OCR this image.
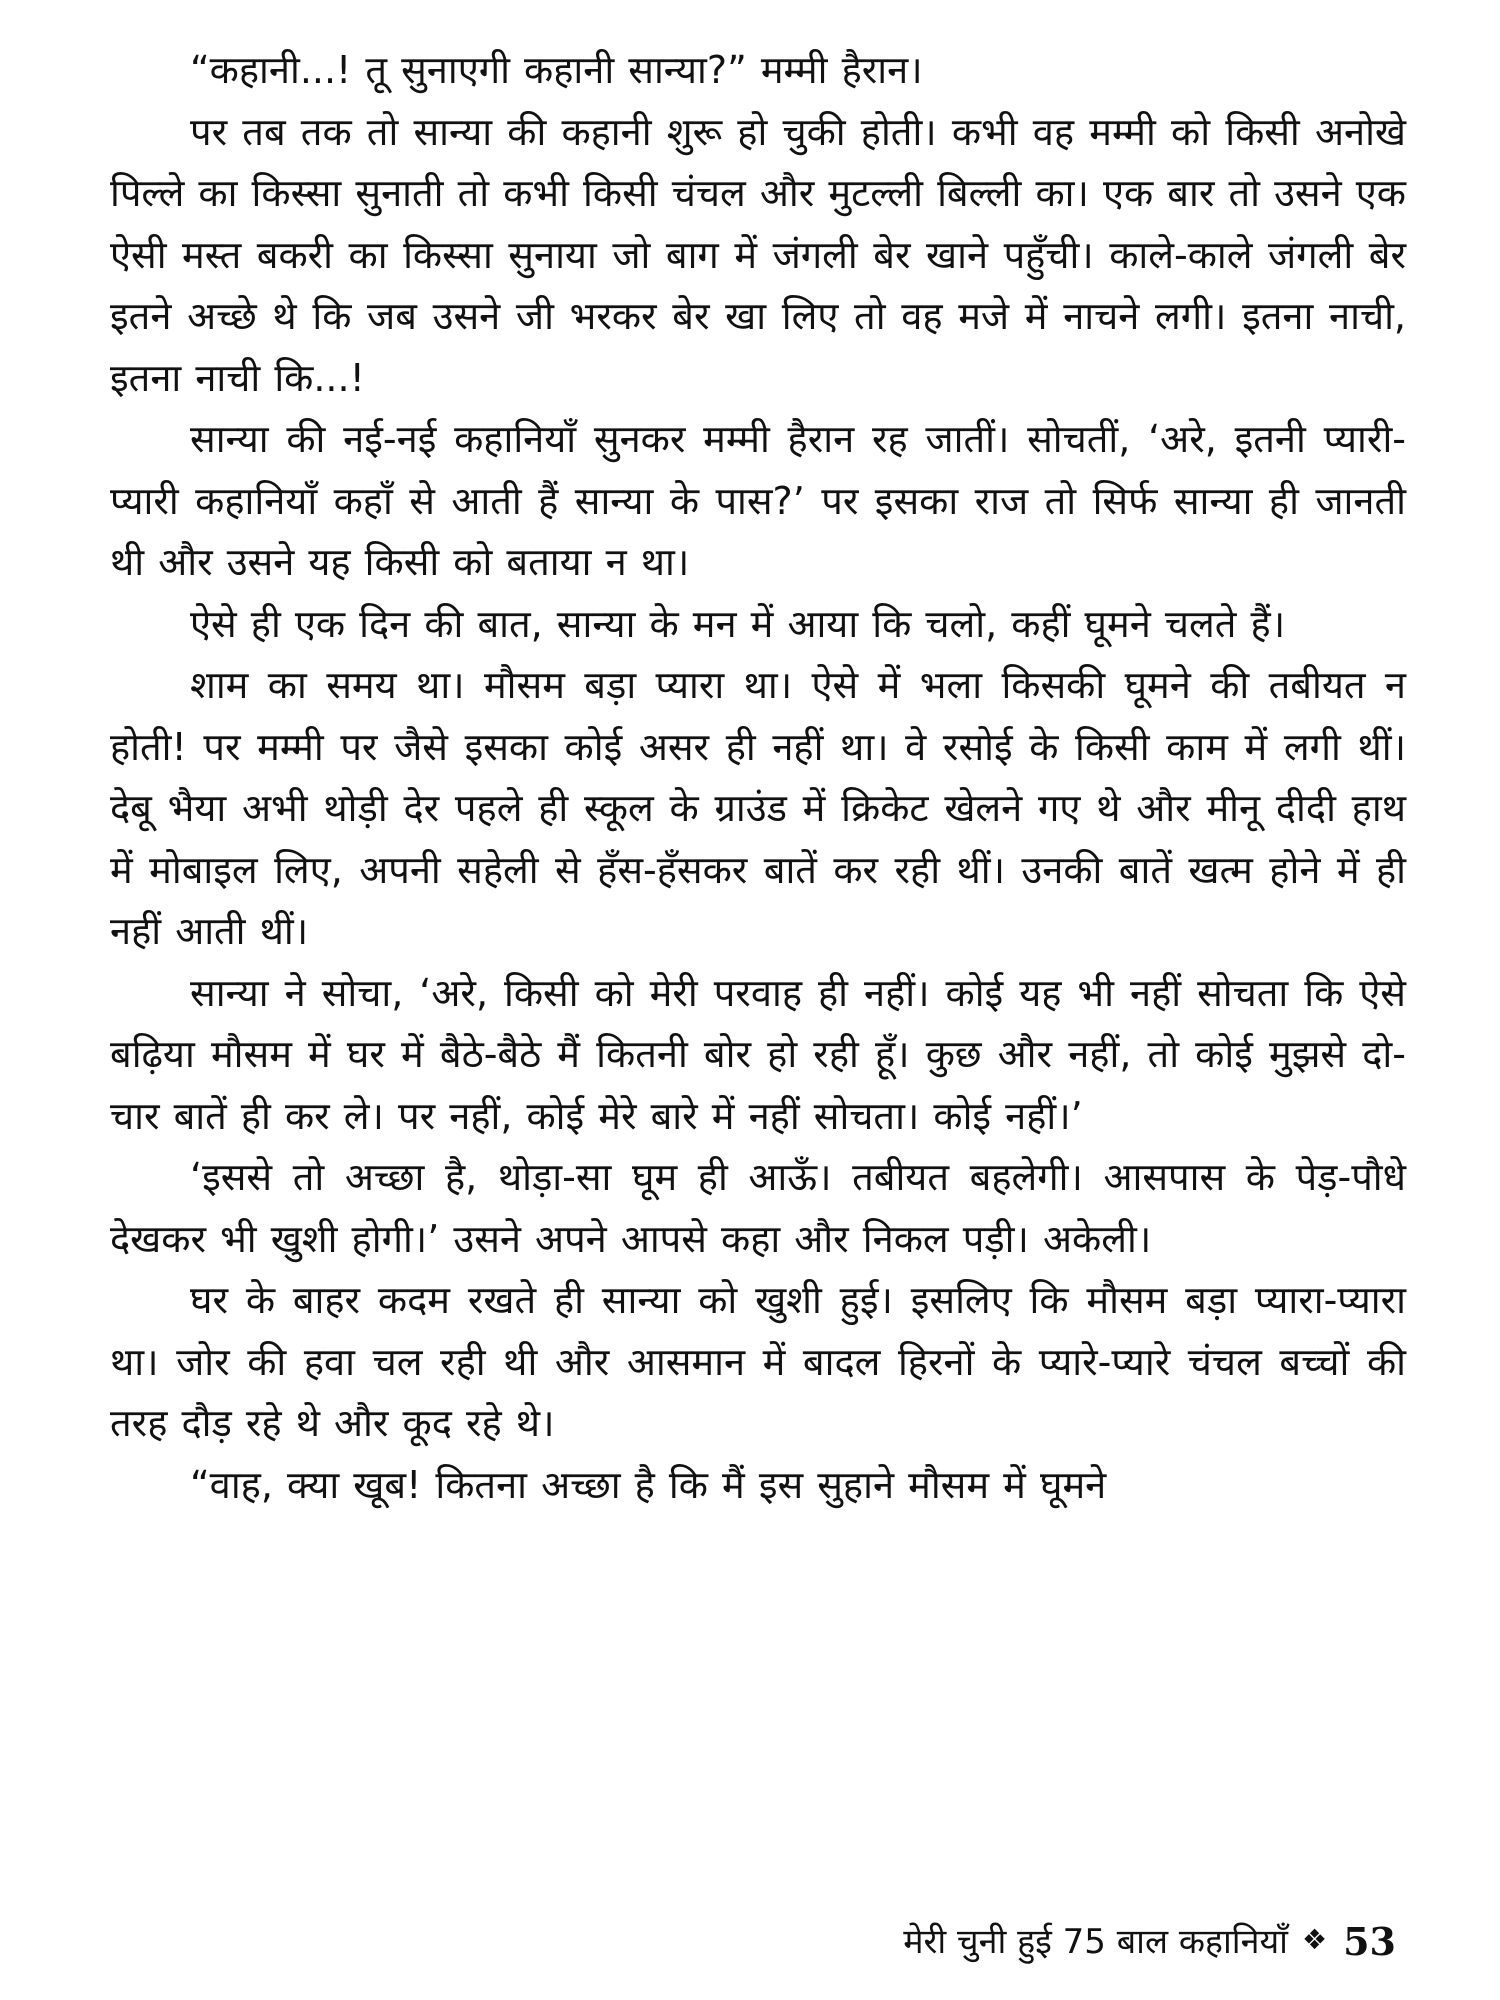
“कहानी...! तू सुनाएगी कहानी सान्या?” मम्मी हैरान।

पर तब तक तो सान्या की कहानी शुरू हो चुकी होती। कभी वह मम्मी को किसी अनोखे पिल्ले का किस्सा सुनाती तो कभी किसी चंचल और मुटल्ली बिल्ली का। एक बार तो उसने एक ऐसी मस्त बकरी का किस्सा सुनाया जो बाग में जंगली बेर खाने पहुँची। काले-काले जंगली बेर इतने अच्छे थे कि जब उसने जी भरकर बेर खा लिए तो वह मजे में नाचने लगी। इतना नाची, इतना नाची कि...!

सान्या की नई-नई कहानियाँ सुनकर मम्मी हैरान रह जातीं। सोचतीं, ‘अरे, इतनी प्यारी-प्यारी कहानियाँ कहाँ से आती हैं सान्या के पास?’ पर इसका राज तो सिर्फ सान्या ही जानती थी और उसने यह किसी को बताया न था।

ऐसे ही एक दिन की बात, सान्या के मन में आया कि चलो, कहीं घूमने चलते हैं।

शाम का समय था। मौसम बड़ा प्यारा था। ऐसे में भला किसकी घूमने की तबीयत न होती! पर मम्मी पर जैसे इसका कोई असर ही नहीं था। वे रसोई के किसी काम में लगी थीं। देबू भैया अभी थोड़ी देर पहले ही स्कूल के ग्राउंड में क्रिकेट खेलने गए थे और मीनू दीदी हाथ में मोबाइल लिए, अपनी सहेली से हँस-हँसकर बातें कर रही थीं। उनकी बातें खत्म होने में ही नहीं आती थीं।

सान्या ने सोचा, ‘अरे, किसी को मेरी परवाह ही नहीं। कोई यह भी नहीं सोचता कि ऐसे बढ़िया मौसम में घर में बैठे-बैठे मैं कितनी बोर हो रही हूँ। कुछ और नहीं, तो कोई मुझसे दो-चार बातें ही कर ले। पर नहीं, कोई मेरे बारे में नहीं सोचता। कोई नहीं।’

‘इससे तो अच्छा है, थोड़ा-सा घूम ही आऊँ। तबीयत बहलेगी। आसपास के पेड़-पौधे देखकर भी खुशी होगी।’ उसने अपने आपसे कहा और निकल पड़ी। अकेली।

घर के बाहर कदम रखते ही सान्या को खुशी हुई। इसलिए कि मौसम बड़ा प्यारा-प्यारा था। जोर की हवा चल रही थी और आसमान में बादल हिरनों के प्यारे-प्यारे चंचल बच्चों की तरह दौड़ रहे थे और कूद रहे थे।

“वाह, क्या खूब! कितना अच्छा है कि मैं इस सुहाने मौसम में घूमने

मेरी चुनी हुई 75 बाल कहानियाँ ❖ 53
